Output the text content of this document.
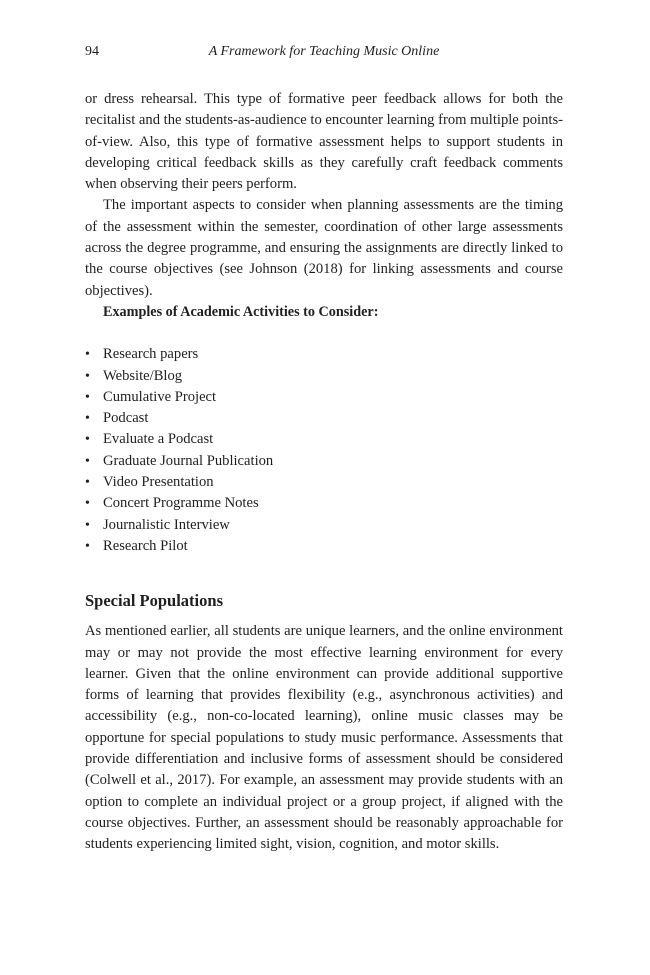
94	A Framework for Teaching Music Online

or dress rehearsal. This type of formative peer feedback allows for both the recitalist and the students-as-audience to encounter learning from multiple points-of-view. Also, this type of formative assessment helps to support students in developing critical feedback skills as they carefully craft feedback comments when observing their peers perform.

The important aspects to consider when planning assessments are the timing of the assessment within the semester, coordination of other large assessments across the degree programme, and ensuring the assignments are directly linked to the course objectives (see Johnson (2018) for linking assessments and course objectives).

Examples of Academic Activities to Consider:

• Research papers
• Website/Blog
• Cumulative Project
• Podcast
• Evaluate a Podcast
• Graduate Journal Publication
• Video Presentation
• Concert Programme Notes
• Journalistic Interview
• Research Pilot
Special Populations

As mentioned earlier, all students are unique learners, and the online environment may or may not provide the most effective learning environment for every learner. Given that the online environment can provide additional supportive forms of learning that provides flexibility (e.g., asynchronous activities) and accessibility (e.g., non-co-located learning), online music classes may be opportune for special populations to study music performance. Assessments that provide differentiation and inclusive forms of assessment should be considered (Colwell et al., 2017). For example, an assessment may provide students with an option to complete an individual project or a group project, if aligned with the course objectives. Further, an assessment should be reasonably approachable for students experiencing limited sight, vision, cognition, and motor skills.
